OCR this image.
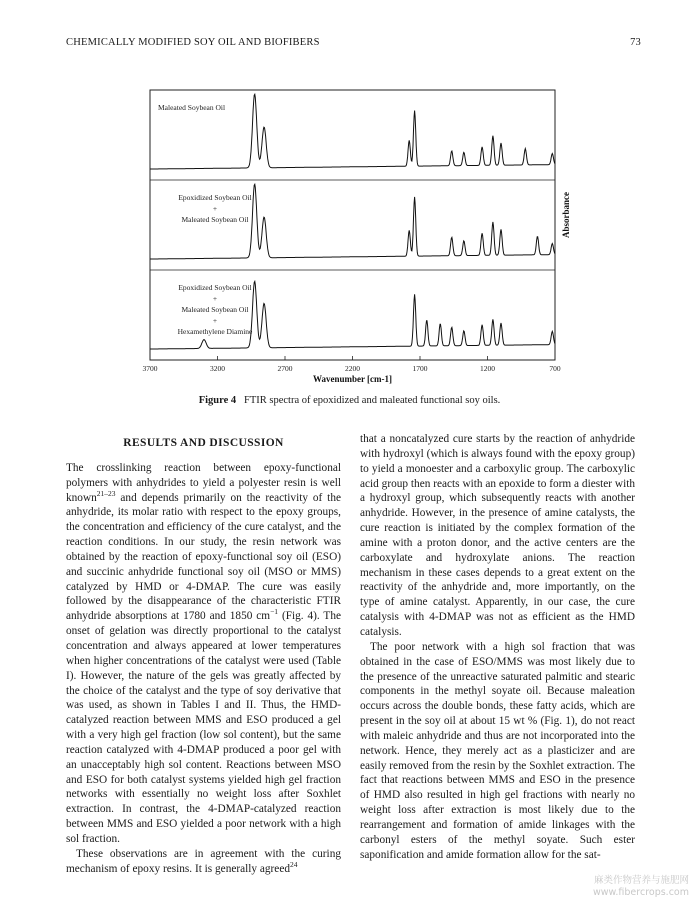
CHEMICALLY MODIFIED SOY OIL AND BIOFIBERS	73
Maleated Soybean Oil
Epoxidized Soybean Oil
+
Maleated Soybean Oil
Epoxidized Soybean Oil
+
Maleated Soybean Oil
+
Hexamethylene Diamine
3700	3200	2700	2200	1700	1200	700
Wavenumber [cm-1]
Absorbance
Figure 4 FTIR spectra of epoxidized and maleated functional soy oils.
RESULTS AND DISCUSSION

The crosslinking reaction between epoxy-functional polymers with anhydrides to yield a polyester resin is well known$^{21-23}$ and depends primarily on the reactivity of the anhydride, its molar ratio with respect to the epoxy groups, the concentration and efficiency of the cure catalyst, and the reaction conditions. In our study, the resin network was obtained by the reaction of epoxy-functional soy oil (ESO) and succinic anhydride functional soy oil (MSO or MMS) catalyzed by HMD or 4-DMAP. The cure was easily followed by the disappearance of the characteristic FTIR anhydride absorptions at 1780 and 1850 $cm^{-1}$ (Fig. 4). The onset of gelation was directly proportional to the catalyst concentration and always appeared at lower temperatures when higher concentrations of the catalyst were used (Table I). However, the nature of the gels was greatly affected by the choice of the catalyst and the type of soy derivative that was used, as shown in Tables I and II. Thus, the HMD-catalyzed reaction between MMS and ESO produced a gel with a very high gel fraction (low sol content), but the same reaction catalyzed with 4-DMAP produced a poor gel with an unacceptably high sol content. Reactions between MSO and ESO for both catalyst systems yielded high gel fraction networks with essentially no weight loss after Soxhlet extraction. In contrast, the 4-DMAP-catalyzed reaction between MMS and ESO yielded a poor network with a high sol fraction.

These observations are in agreement with the curing mechanism of epoxy resins. It is generally agreed$^{24}$

that a noncatalyzed cure starts by the reaction of anhydride with hydroxyl (which is always found with the epoxy group) to yield a monoester and a carboxylic group. The carboxylic acid group then reacts with an epoxide to form a diester with a hydroxyl group, which subsequently reacts with another anhydride. However, in the presence of amine catalysts, the cure reaction is initiated by the complex formation of the amine with a proton donor, and the active centers are the carboxylate and hydroxylate anions. The reaction mechanism in these cases depends to a great extent on the reactivity of the anhydride and, more importantly, on the type of amine catalyst. Apparently, in our case, the cure catalysis with 4-DMAP was not as efficient as the HMD catalysis.

The poor network with a high sol fraction that was obtained in the case of ESO/MMS was most likely due to the presence of the unreactive saturated palmitic and stearic components in the methyl soyate oil. Because maleation occurs across the double bonds, these fatty acids, which are present in the soy oil at about 15 wt % (Fig. 1), do not react with maleic anhydride and thus are not incorporated into the network. Hence, they merely act as a plasticizer and are easily removed from the resin by the Soxhlet extraction. The fact that reactions between MMS and ESO in the presence of HMD also resulted in high gel fractions with nearly no weight loss after extraction is most likely due to the rearrangement and formation of amide linkages with the carbonyl esters of the methyl soyate. Such ester saponification and amide formation allow for the sat-

麻类作物营养与施肥网
www.fibercrops.com
